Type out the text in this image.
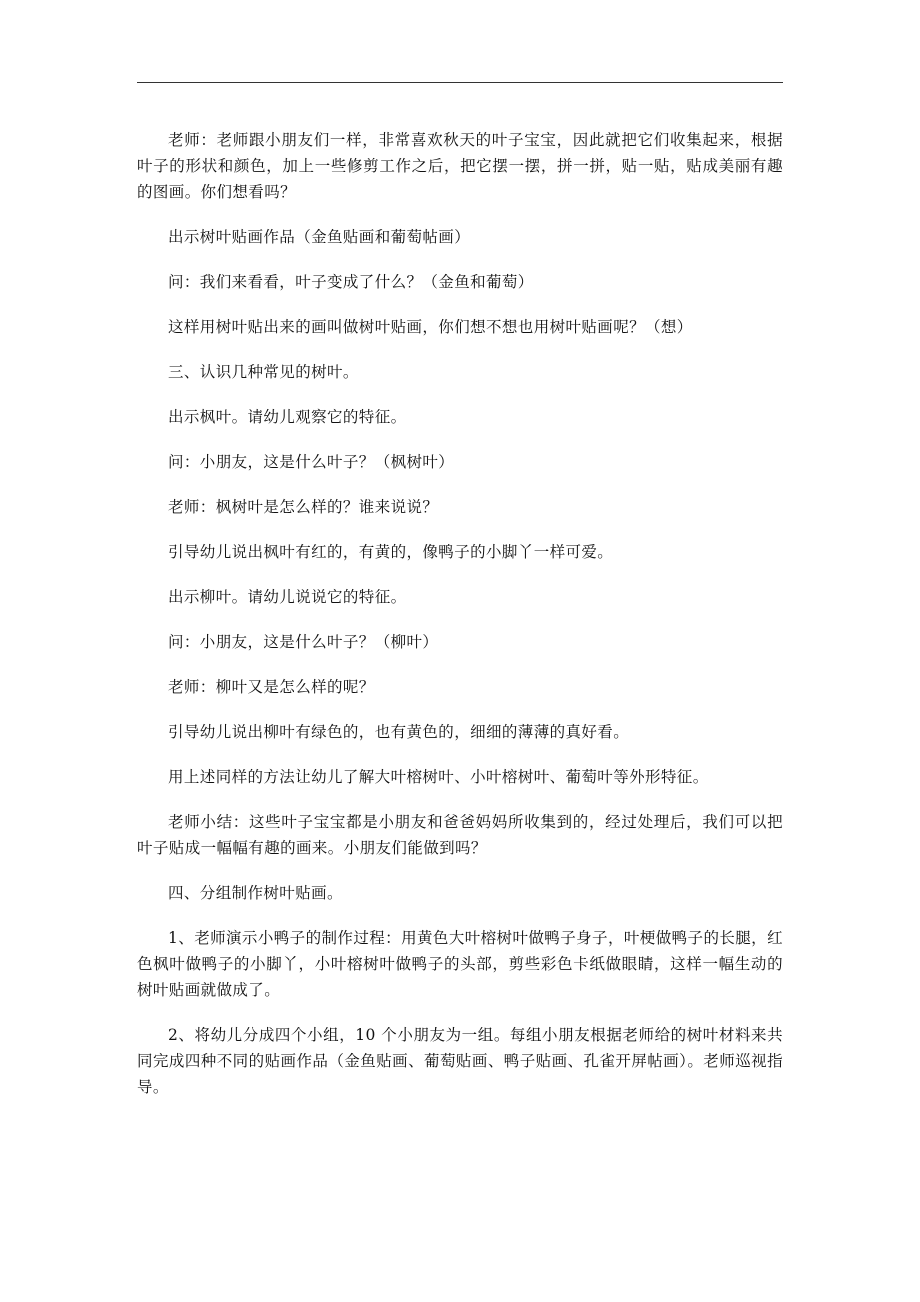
老师：老师跟小朋友们一样，非常喜欢秋天的叶子宝宝，因此就把它们收集起来，根据叶子的形状和颜色，加上一些修剪工作之后，把它摆一摆，拼一拼，贴一贴，贴成美丽有趣的图画。你们想看吗？

出示树叶贴画作品（金鱼贴画和葡萄帖画）

问：我们来看看，叶子变成了什么？（金鱼和葡萄）

这样用树叶贴出来的画叫做树叶贴画，你们想不想也用树叶贴画呢？（想）

三、认识几种常见的树叶。

出示枫叶。请幼儿观察它的特征。

问：小朋友，这是什么叶子？（枫树叶）

老师：枫树叶是怎么样的？谁来说说？

引导幼儿说出枫叶有红的，有黄的，像鸭子的小脚丫一样可爱。

出示柳叶。请幼儿说说它的特征。

问：小朋友，这是什么叶子？（柳叶）

老师：柳叶又是怎么样的呢？

引导幼儿说出柳叶有绿色的，也有黄色的，细细的薄薄的真好看。

用上述同样的方法让幼儿了解大叶榕树叶、小叶榕树叶、葡萄叶等外形特征。

老师小结：这些叶子宝宝都是小朋友和爸爸妈妈所收集到的，经过处理后，我们可以把叶子贴成一幅幅有趣的画来。小朋友们能做到吗？

四、分组制作树叶贴画。

1、老师演示小鸭子的制作过程：用黄色大叶榕树叶做鸭子身子，叶梗做鸭子的长腿，红色枫叶做鸭子的小脚丫，小叶榕树叶做鸭子的头部，剪些彩色卡纸做眼睛，这样一幅生动的树叶贴画就做成了。

2、将幼儿分成四个小组，10 个小朋友为一组。每组小朋友根据老师给的树叶材料来共同完成四种不同的贴画作品（金鱼贴画、葡萄贴画、鸭子贴画、孔雀开屏帖画）。老师巡视指导。
